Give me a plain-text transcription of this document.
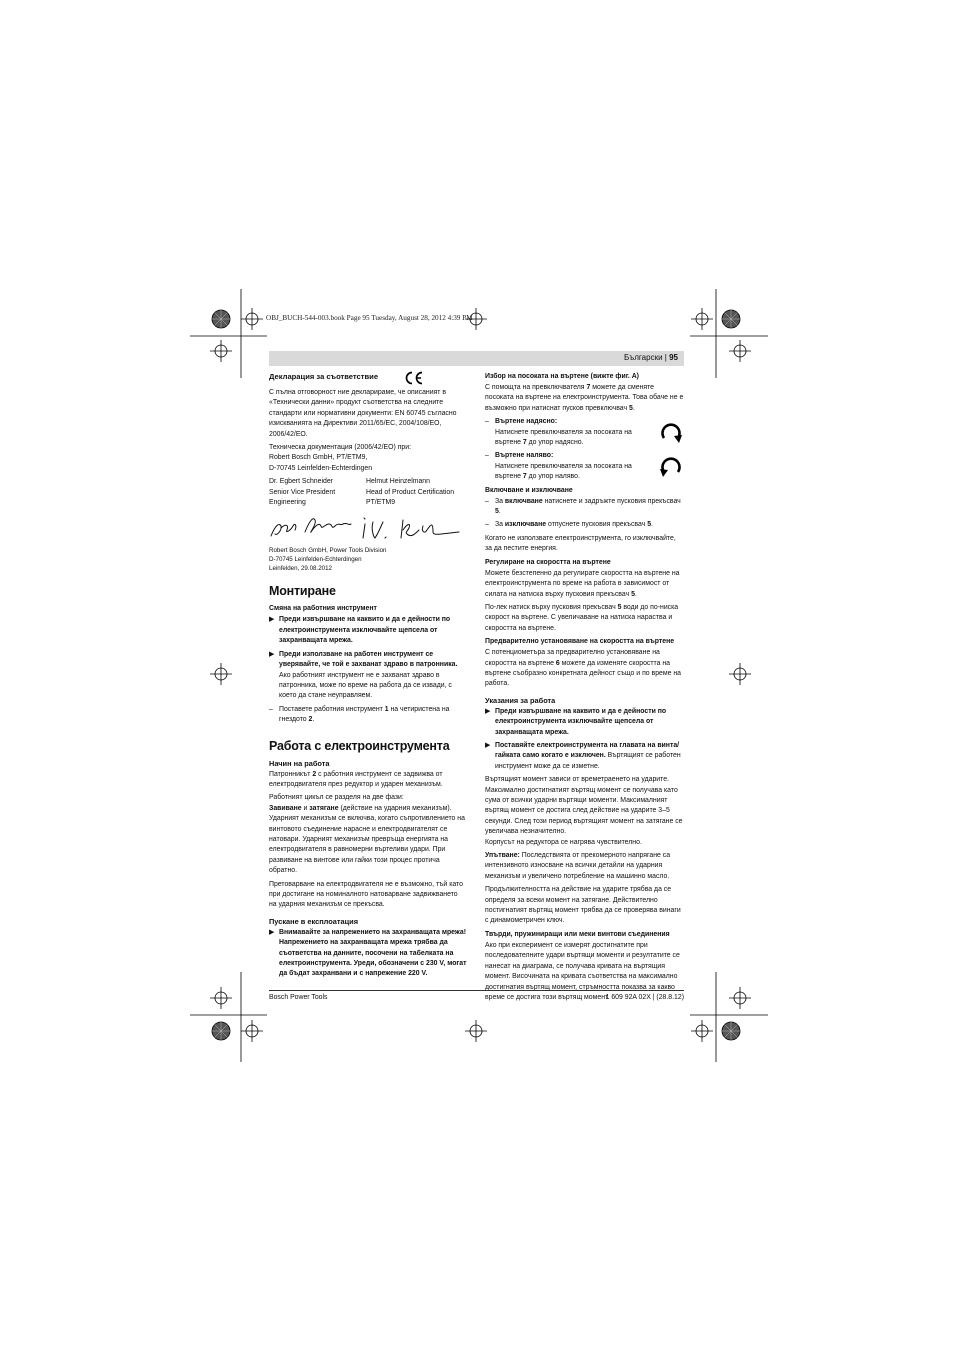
OBJ_BUCH-544-003.book Page 95 Tuesday, August 28, 2012 4:39 PM
Български | 95
Декларация за съответствие

С пълна отговорност ние декларираме, че описаният в «Технически данни» продукт съответства на следните стандарти или нормативни документи: EN 60745 съгласно изискванията на Директиви 2011/65/EC, 2004/108/EO, 2006/42/EO.

Техническа документация (2006/42/EO) при:

Robert Bosch GmbH, PT/ETM9,

D-70745 Leinfelden-Echterdingen

Dr. Egbert Schneider
Senior Vice President
Engineering
Helmut Heinzelmann
Head of Product Certification
PT/ETM9
Robert Bosch GmbH, Power Tools Division
D-70745 Leinfelden-Echterdingen
Leinfelden, 29.08.2012
Монтиране
Смяна на работния инструмент
▶ Преди извършване на каквито и да е дейности по електроинструмента изключвайте щепсела от захранващата мрежа.
▶ Преди използване на работен инструмент се уверявайте, че той е захванат здраво в патронника. Ако работният инструмент не е захванат здраво в патронника, може по време на работа да се извади, с което да стане неуправляем.
– Поставете работния инструмент 1 на четиристена на гнездото 2.
Работа с електроинструмента
Начин на работа

Патронникът 2 с работния инструмент се задвижва от електродвигателя през редуктор и ударен механизъм.

Работният цикъл се разделя на две фази:

Завиване и затягане (действие на ударния механизъм).

Ударният механизъм се включва, когато съпротивлението на винтовото съединение нарасне и електродвигателят се натовари. Ударният механизъм превръща енергията на електродвигателя в равномерни въртеливи удари. При развиване на винтове или гайки този процес протича обратно.

Претоварване на електродвигателя не е възможно, тъй като при достигане на номиналното натоварване задвижването на ударния механизъм се прекъсва.

Пускане в експлоатация
▶ Внимавайте за напрежението на захранващата мрежа! Напрежението на захранващата мрежа трябва да съответства на данните, посочени на табелката на електроинструмента. Уреди, обозначени с 230 V, могат да бъдат захранвани и с напрежение 220 V.
Избор на посоката на въртене (вижте фиг. А)

С помощта на превключвателя 7 можете да сменяте посоката на въртене на електроинструмента. Това обаче не е възможно при натиснат пусков превключвач 5.

– Въртене надясно:
Натиснете превключвателя за посоката на въртене 7 до упор надясно.
– Въртене наляво:
Натиснете превключвателя за посоката на въртене 7 до упор наляво.
Включване и изключване
– За включване натиснете и задръжте пусковия прекъсвач 5.
– За изключване отпуснете пусковия прекъсвач 5.

Когато не използвате електроинструмента, го изключвайте, за да пестите енергия.

Регулиране на скоростта на въртене

Можете безстепенно да регулирате скоростта на въртене на електроинструмента по време на работа в зависимост от силата на натиска върху пусковия прекъсвач 5.

По-лек натиск върху пусковия прекъсвач 5 води до по-ниска скорост на въртене. С увеличаване на натиска нараства и скоростта на въртене.

Предварително установяване на скоростта на въртене

С потенциометъра за предварително установяване на скоростта на въртене 6 можете да изменяте скоростта на въртене съобразно конкретната дейност също и по време на работа.

Указания за работа
▶ Преди извършване на каквито и да е дейности по електроинструмента изключвайте щепсела от захранващата мрежа.
▶ Поставяйте електроинструмента на главата на винта/гайката само когато е изключен. Въртящият се работен инструмент може да се изметне.

Въртящият момент зависи от времетраенето на ударите. Максимално достигнатият въртящ момент се получава като сума от всички ударни въртящи моменти. Максималният въртящ момент се достига след действие на ударите 3–5 секунди. След този период въртящият момент на затягане се увеличава незначително.

Корпусът на редуктора се нагрява чувствително.

Упътване: Последствията от прекомерното напрягане са интензивното износване на всички детайли на ударния механизъм и увеличено потребление на машинно масло.

Продължителността на действие на ударите трябва да се определя за всеки момент на затягане. Действително постигнатият въртящ момент трябва да се проверява винаги с динамометричен ключ.

Твърди, пружиниращи или меки винтови съединения

Ако при експеримент се измерят достигнатите при последователните удари въртящи моменти и резултатите се нанесат на диаграма, се получава кривата на въртящия момент. Височината на кривата съответства на максимално достигнатия въртящ момент, стръмността показва за какво време се достига този въртящ момент.

Bosch Power Tools	1 609 92A 02X | (28.8.12)
